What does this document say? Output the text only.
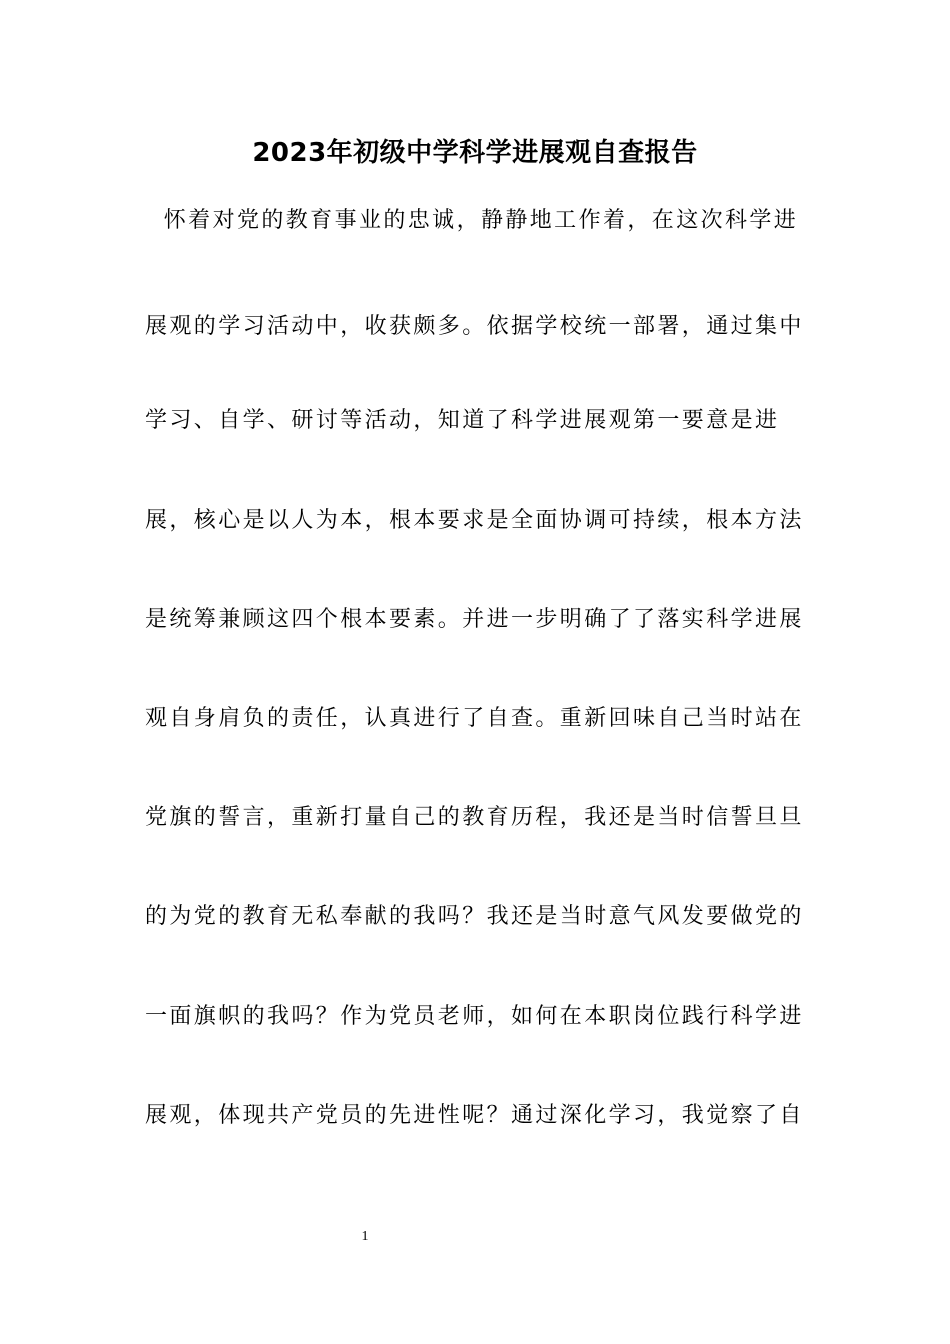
2023年初级中学科学进展观自查报告
怀着对党的教育事业的忠诚，静静地工作着，在这次科学进
展观的学习活动中，收获颇多。依据学校统一部署，通过集中
学习、自学、研讨等活动，知道了科学进展观第一要意是进
展，核心是以人为本，根本要求是全面协调可持续，根本方法
是统筹兼顾这四个根本要素。并进一步明确了了落实科学进展
观自身肩负的责任，认真进行了自查。重新回味自己当时站在
党旗的誓言，重新打量自己的教育历程，我还是当时信誓旦旦
的为党的教育无私奉献的我吗？我还是当时意气风发要做党的
一面旗帜的我吗？作为党员老师，如何在本职岗位践行科学进
展观，体现共产党员的先进性呢？通过深化学习，我觉察了自
1
